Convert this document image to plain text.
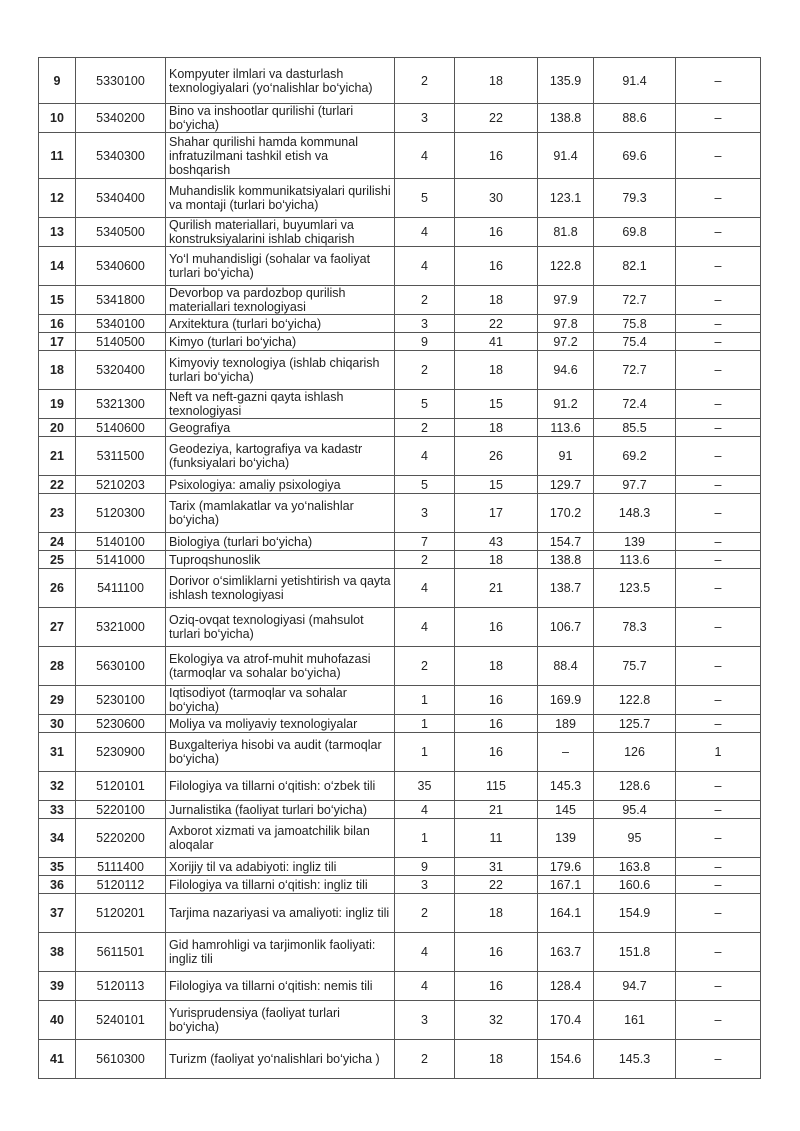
9	5330100	Kompyuter ilmlari va dasturlash texnologiyalari (yo‘nalishlar bo‘yicha)	2	18	135.9	91.4	–
10	5340200	Bino va inshootlar qurilishi (turlari bo‘yicha)	3	22	138.8	88.6	–
11	5340300	Shahar qurilishi hamda kommunal infratuzilmani tashkil etish va boshqarish	4	16	91.4	69.6	–
12	5340400	Muhandislik kommunikatsiyalari qurilishi va montaji (turlari bo‘yicha)	5	30	123.1	79.3	–
13	5340500	Qurilish materiallari, buyumlari va konstruksiyalarini ishlab chiqarish	4	16	81.8	69.8	–
14	5340600	Yo‘l muhandisligi (sohalar va faoliyat turlari bo‘yicha)	4	16	122.8	82.1	–
15	5341800	Devorbop va pardozbop qurilish materiallari texnologiyasi	2	18	97.9	72.7	–
16	5340100	Arxitektura (turlari bo‘yicha)	3	22	97.8	75.8	–
17	5140500	Kimyo (turlari bo‘yicha)	9	41	97.2	75.4	–
18	5320400	Kimyoviy texnologiya (ishlab chiqarish turlari bo‘yicha)	2	18	94.6	72.7	–
19	5321300	Neft va neft-gazni qayta ishlash texnologiyasi	5	15	91.2	72.4	–
20	5140600	Geografiya	2	18	113.6	85.5	–
21	5311500	Geodeziya, kartografiya va kadastr (funksiyalari bo‘yicha)	4	26	91	69.2	–
22	5210203	Psixologiya: amaliy psixologiya	5	15	129.7	97.7	–
23	5120300	Tarix (mamlakatlar va yo‘nalishlar bo‘yicha)	3	17	170.2	148.3	–
24	5140100	Biologiya (turlari bo‘yicha)	7	43	154.7	139	–
25	5141000	Tuproqshunoslik	2	18	138.8	113.6	–
26	5411100	Dorivor o‘simliklarni yetishtirish va qayta ishlash texnologiyasi	4	21	138.7	123.5	–
27	5321000	Oziq-ovqat texnologiyasi (mahsulot turlari bo‘yicha)	4	16	106.7	78.3	–
28	5630100	Ekologiya va atrof-muhit muhofazasi (tarmoqlar va sohalar bo‘yicha)	2	18	88.4	75.7	–
29	5230100	Iqtisodiyot (tarmoqlar va sohalar bo‘yicha)	1	16	169.9	122.8	–
30	5230600	Moliya va moliyaviy texnologiyalar	1	16	189	125.7	–
31	5230900	Buxgalteriya hisobi va audit (tarmoqlar bo‘yicha)	1	16	–	126	1
32	5120101	Filologiya va tillarni o‘qitish: o‘zbek tili	35	115	145.3	128.6	–
33	5220100	Jurnalistika (faoliyat turlari bo‘yicha)	4	21	145	95.4	–
34	5220200	Axborot xizmati va jamoatchilik bilan aloqalar	1	11	139	95	–
35	5111400	Xorijiy til va adabiyoti: ingliz tili	9	31	179.6	163.8	–
36	5120112	Filologiya va tillarni o‘qitish: ingliz tili	3	22	167.1	160.6	–
37	5120201	Tarjima nazariyasi va amaliyoti: ingliz tili	2	18	164.1	154.9	–
38	5611501	Gid hamrohligi va tarjimonlik faoliyati: ingliz tili	4	16	163.7	151.8	–
39	5120113	Filologiya va tillarni o‘qitish: nemis tili	4	16	128.4	94.7	–
40	5240101	Yurisprudensiya (faoliyat turlari bo‘yicha)	3	32	170.4	161	–
41	5610300	Turizm (faoliyat yo‘nalishlari bo‘yicha )	2	18	154.6	145.3	–
